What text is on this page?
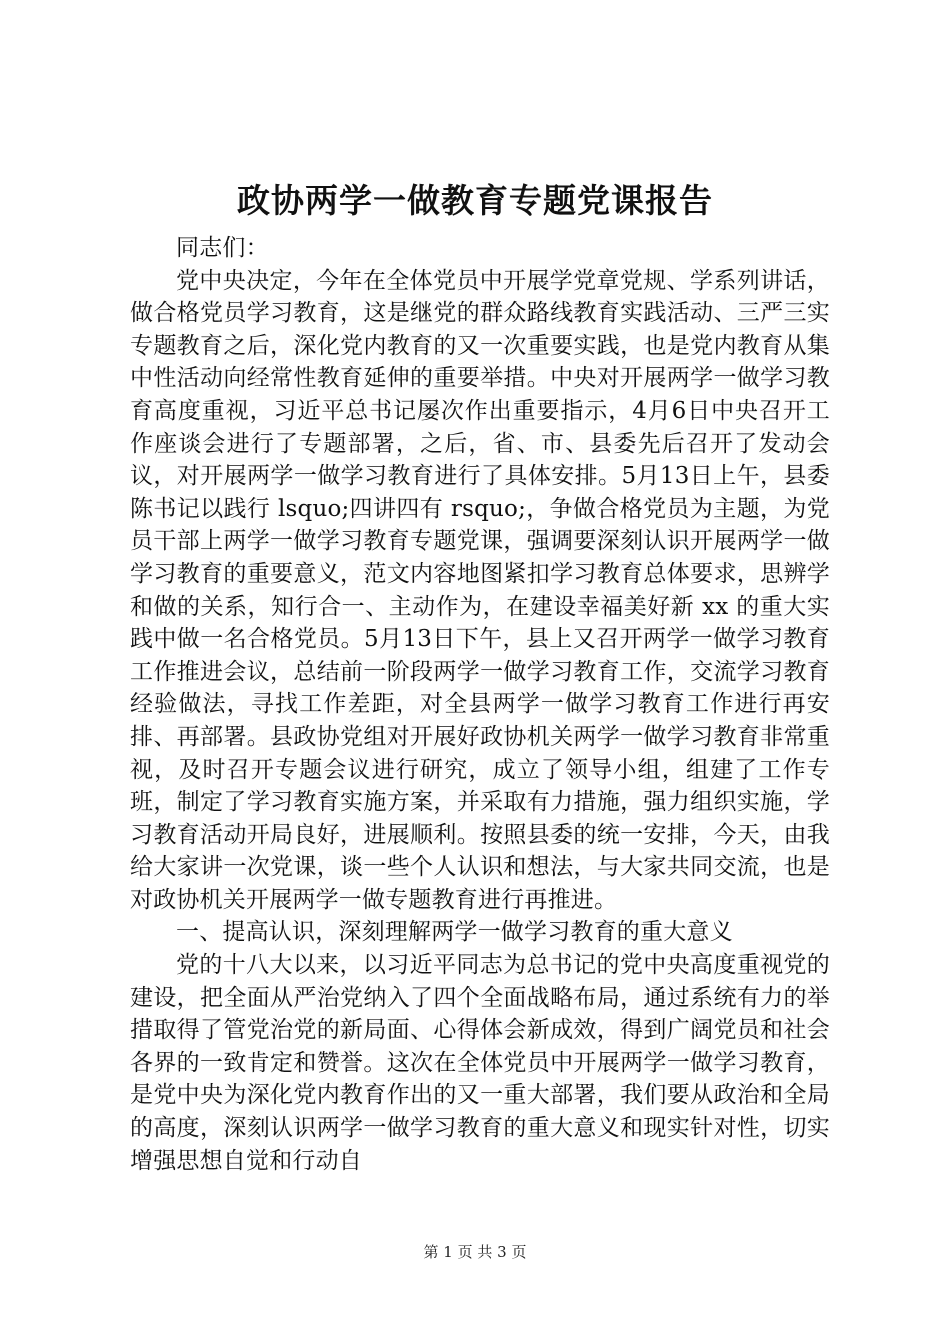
政协两学一做教育专题党课报告

同志们：

党中央决定，今年在全体党员中开展学党章党规、学系列讲话，做合格党员学习教育，这是继党的群众路线教育实践活动、三严三实专题教育之后，深化党内教育的又一次重要实践，也是党内教育从集中性活动向经常性教育延伸的重要举措。中央对开展两学一做学习教育高度重视，习近平总书记屡次作出重要指示，4月6日中央召开工作座谈会进行了专题部署，之后，省、市、县委先后召开了发动会议，对开展两学一做学习教育进行了具体安排。5月13日上午，县委陈书记以践行 lsquo;四讲四有 rsquo;，争做合格党员为主题，为党员干部上两学一做学习教育专题党课，强调要深刻认识开展两学一做学习教育的重要意义，范文内容地图紧扣学习教育总体要求，思辨学和做的关系，知行合一、主动作为，在建设幸福美好新 xx 的重大实践中做一名合格党员。5月13日下午，县上又召开两学一做学习教育工作推进会议，总结前一阶段两学一做学习教育工作，交流学习教育经验做法，寻找工作差距，对全县两学一做学习教育工作进行再安排、再部署。县政协党组对开展好政协机关两学一做学习教育非常重视，及时召开专题会议进行研究，成立了领导小组，组建了工作专班，制定了学习教育实施方案，并采取有力措施，强力组织实施，学习教育活动开局良好，进展顺利。按照县委的统一安排，今天，由我给大家讲一次党课，谈一些个人认识和想法，与大家共同交流，也是对政协机关开展两学一做专题教育进行再推进。

一、提高认识，深刻理解两学一做学习教育的重大意义

党的十八大以来，以习近平同志为总书记的党中央高度重视党的建设，把全面从严治党纳入了四个全面战略布局，通过系统有力的举措取得了管党治党的新局面、心得体会新成效，得到广阔党员和社会各界的一致肯定和赞誉。这次在全体党员中开展两学一做学习教育，是党中央为深化党内教育作出的又一重大部署，我们要从政治和全局的高度，深刻认识两学一做学习教育的重大意义和现实针对性，切实增强思想自觉和行动自

第 1 页 共 3 页
